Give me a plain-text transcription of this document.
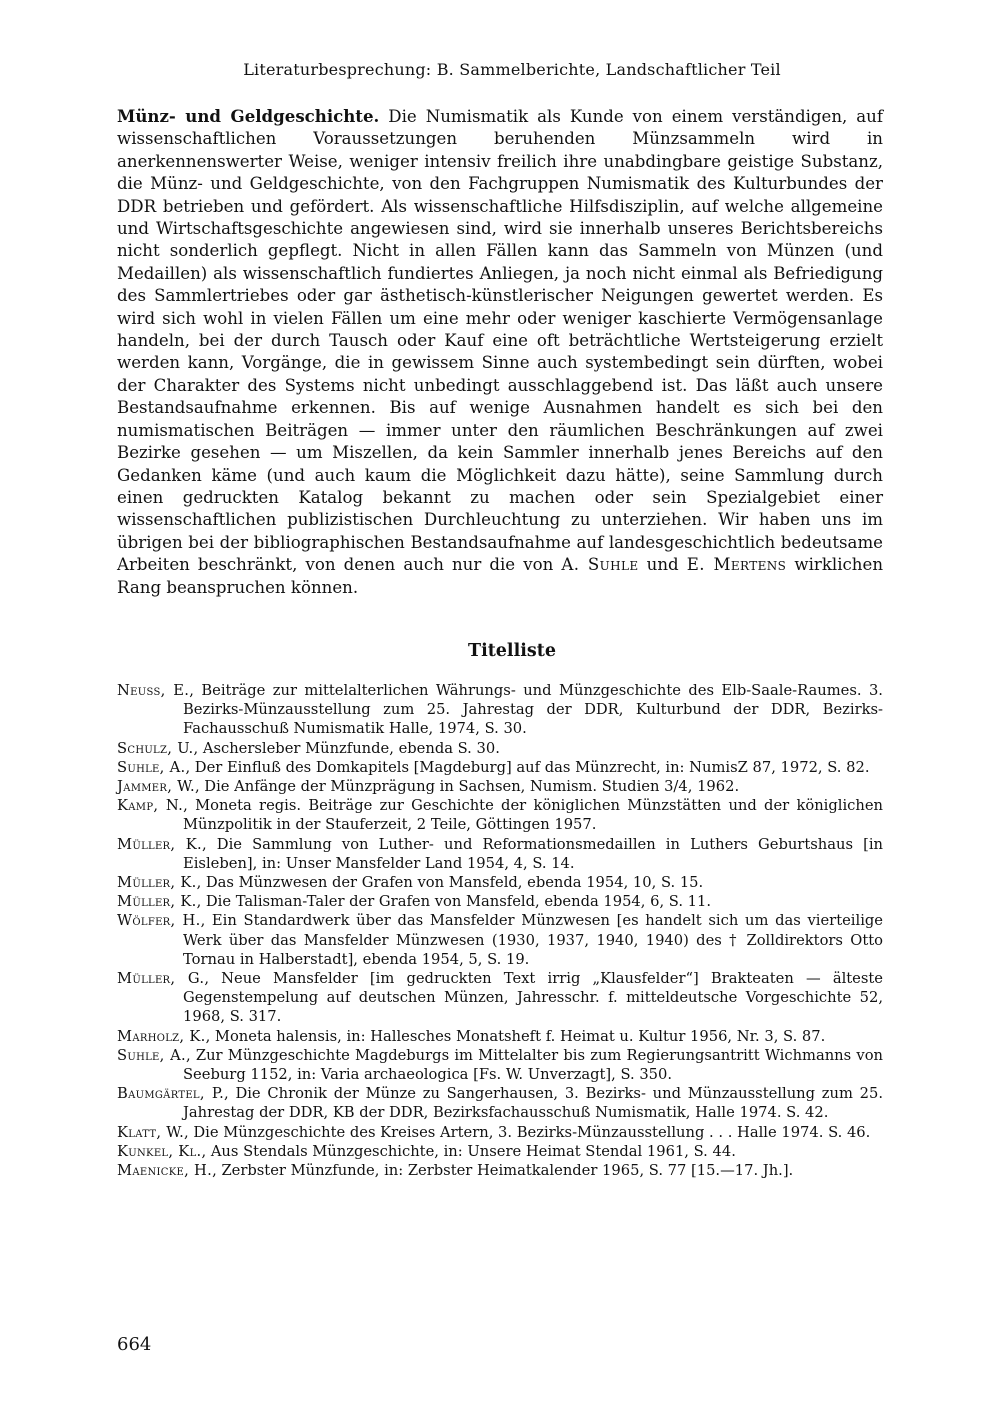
Literaturbesprechung: B. Sammelberichte, Landschaftlicher Teil

Münz- und Geldgeschichte. Die Numismatik als Kunde von einem verständigen, auf wissenschaftlichen Voraussetzungen beruhenden Münzsammeln wird in anerkennenswerter Weise, weniger intensiv freilich ihre unabdingbare geistige Substanz, die Münz- und Geldgeschichte, von den Fachgruppen Numismatik des Kulturbundes der DDR betrieben und gefördert. Als wissenschaftliche Hilfsdisziplin, auf welche allgemeine und Wirtschaftsgeschichte angewiesen sind, wird sie innerhalb unseres Berichtsbereichs nicht sonderlich gepflegt. Nicht in allen Fällen kann das Sammeln von Münzen (und Medaillen) als wissenschaftlich fundiertes Anliegen, ja noch nicht einmal als Befriedigung des Sammlertriebes oder gar ästhetisch-künstlerischer Neigungen gewertet werden. Es wird sich wohl in vielen Fällen um eine mehr oder weniger kaschierte Vermögensanlage handeln, bei der durch Tausch oder Kauf eine oft beträchtliche Wertsteigerung erzielt werden kann, Vorgänge, die in gewissem Sinne auch systembedingt sein dürften, wobei der Charakter des Systems nicht unbedingt ausschlaggebend ist. Das läßt auch unsere Bestandsaufnahme erkennen. Bis auf wenige Ausnahmen handelt es sich bei den numismatischen Beiträgen — immer unter den räumlichen Beschränkungen auf zwei Bezirke gesehen — um Miszellen, da kein Sammler innerhalb jenes Bereichs auf den Gedanken käme (und auch kaum die Möglichkeit dazu hätte), seine Sammlung durch einen gedruckten Katalog bekannt zu machen oder sein Spezialgebiet einer wissenschaftlichen publizistischen Durchleuchtung zu unterziehen. Wir haben uns im übrigen bei der bibliographischen Bestandsaufnahme auf landesgeschichtlich bedeutsame Arbeiten beschränkt, von denen auch nur die von A. Suhle und E. Mertens wirklichen Rang beanspruchen können.

Titelliste
Neuss, E., Beiträge zur mittelalterlichen Währungs- und Münzgeschichte des Elb-Saale-Raumes. 3. Bezirks-Münzausstellung zum 25. Jahrestag der DDR, Kulturbund der DDR, Bezirks-Fachausschuß Numismatik Halle, 1974, S. 30.
Schulz, U., Aschersleber Münzfunde, ebenda S. 30.
Suhle, A., Der Einfluß des Domkapitels [Magdeburg] auf das Münzrecht, in: NumisZ 87, 1972, S. 82.
Jammer, W., Die Anfänge der Münzprägung in Sachsen, Numism. Studien 3/4, 1962.
Kamp, N., Moneta regis. Beiträge zur Geschichte der königlichen Münzstätten und der königlichen Münzpolitik in der Stauferzeit, 2 Teile, Göttingen 1957.
Müller, K., Die Sammlung von Luther- und Reformationsmedaillen in Luthers Geburtshaus [in Eisleben], in: Unser Mansfelder Land 1954, 4, S. 14.
Müller, K., Das Münzwesen der Grafen von Mansfeld, ebenda 1954, 10, S. 15.
Müller, K., Die Talisman-Taler der Grafen von Mansfeld, ebenda 1954, 6, S. 11.
Wölfer, H., Ein Standardwerk über das Mansfelder Münzwesen [es handelt sich um das vierteilige Werk über das Mansfelder Münzwesen (1930, 1937, 1940, 1940) des † Zolldirektors Otto Tornau in Halberstadt], ebenda 1954, 5, S. 19.
Müller, G., Neue Mansfelder [im gedruckten Text irrig „Klausfelder“] Brakteaten — älteste Gegenstempelung auf deutschen Münzen, Jahresschr. f. mitteldeutsche Vorgeschichte 52, 1968, S. 317.
Marholz, K., Moneta halensis, in: Hallesches Monatsheft f. Heimat u. Kultur 1956, Nr. 3, S. 87.
Suhle, A., Zur Münzgeschichte Magdeburgs im Mittelalter bis zum Regierungsantritt Wichmanns von Seeburg 1152, in: Varia archaeologica [Fs. W. Unverzagt], S. 350.
Baumgärtel, P., Die Chronik der Münze zu Sangerhausen, 3. Bezirks- und Münzausstellung zum 25. Jahrestag der DDR, KB der DDR, Bezirksfachausschuß Numismatik, Halle 1974. S. 42.
Klatt, W., Die Münzgeschichte des Kreises Artern, 3. Bezirks-Münzausstellung . . . Halle 1974. S. 46.
Kunkel, Kl., Aus Stendals Münzgeschichte, in: Unsere Heimat Stendal 1961, S. 44.
Maenicke, H., Zerbster Münzfunde, in: Zerbster Heimatkalender 1965, S. 77 [15.—17. Jh.].
664
